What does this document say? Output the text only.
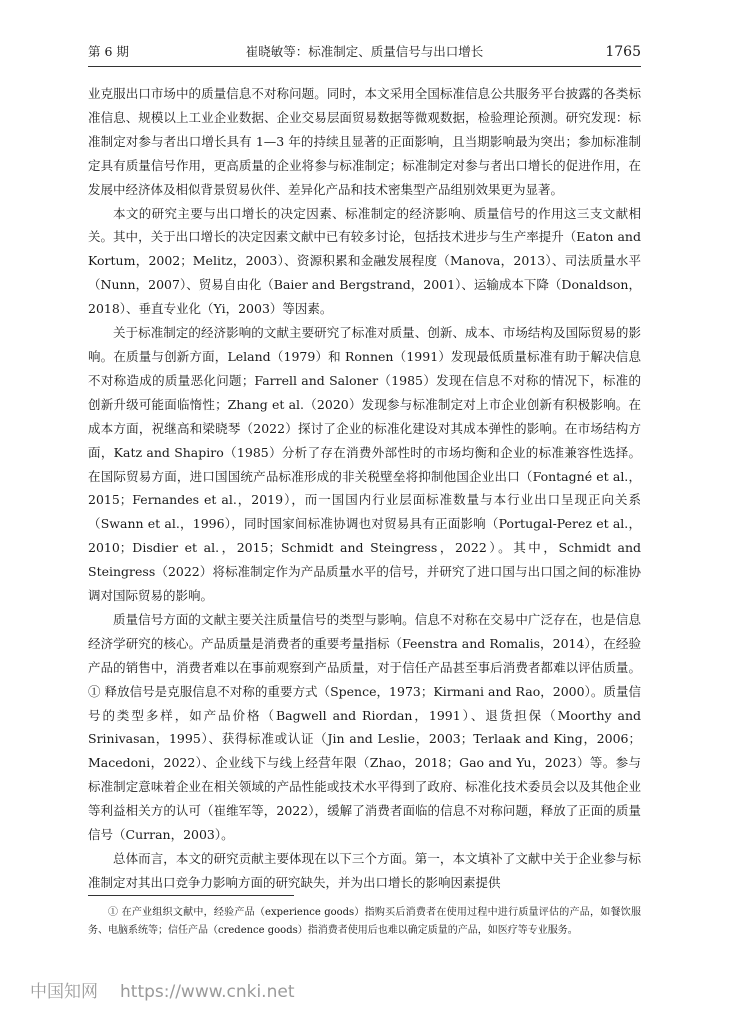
第 6 期	崔晓敏等：标准制定、质量信号与出口增长	1765

业克服出口市场中的质量信息不对称问题。同时，本文采用全国标准信息公共服务平台披露的各类标准信息、规模以上工业企业数据、企业交易层面贸易数据等微观数据，检验理论预测。研究发现：标准制定对参与者出口增长具有 1—3 年的持续且显著的正面影响，且当期影响最为突出；参加标准制定具有质量信号作用，更高质量的企业将参与标准制定；标准制定对参与者出口增长的促进作用，在发展中经济体及相似背景贸易伙伴、差异化产品和技术密集型产品组别效果更为显著。

本文的研究主要与出口增长的决定因素、标准制定的经济影响、质量信号的作用这三支文献相关。其中，关于出口增长的决定因素文献中已有较多讨论，包括技术进步与生产率提升（Eaton and Kortum，2002；Melitz，2003）、资源积累和金融发展程度（Manova，2013）、司法质量水平（Nunn，2007）、贸易自由化（Baier and Bergstrand，2001）、运输成本下降（Donaldson，2018）、垂直专业化（Yi，2003）等因素。

关于标准制定的经济影响的文献主要研究了标准对质量、创新、成本、市场结构及国际贸易的影响。在质量与创新方面，Leland（1979）和 Ronnen（1991）发现最低质量标准有助于解决信息不对称造成的质量恶化问题；Farrell and Saloner（1985）发现在信息不对称的情况下，标准的创新升级可能面临惰性；Zhang et al.（2020）发现参与标准制定对上市企业创新有积极影响。在成本方面，祝继高和梁晓琴（2022）探讨了企业的标准化建设对其成本弹性的影响。在市场结构方面，Katz and Shapiro（1985）分析了存在消费外部性时的市场均衡和企业的标准兼容性选择。在国际贸易方面，进口国国统产品标准形成的非关税壁垒将抑制他国企业出口（Fontagné et al.，2015；Fernandes et al.，2019），而一国国内行业层面标准数量与本行业出口呈现正向关系（Swann et al.，1996），同时国家间标准协调也对贸易具有正面影响（Portugal-Perez et al.，2010；Disdier et al.，2015；Schmidt and Steingress，2022）。其中，Schmidt and Steingress（2022）将标准制定作为产品质量水平的信号，并研究了进口国与出口国之间的标准协调对国际贸易的影响。

质量信号方面的文献主要关注质量信号的类型与影响。信息不对称在交易中广泛存在，也是信息经济学研究的核心。产品质量是消费者的重要考量指标（Feenstra and Romalis，2014），在经验产品的销售中，消费者难以在事前观察到产品质量，对于信任产品甚至事后消费者都难以评估质量。① 释放信号是克服信息不对称的重要方式（Spence，1973；Kirmani and Rao，2000）。质量信号的类型多样，如产品价格（Bagwell and Riordan，1991）、退货担保（Moorthy and Srinivasan，1995）、获得标准或认证（Jin and Leslie，2003；Terlaak and King，2006；Macedoni，2022）、企业线下与线上经营年限（Zhao，2018；Gao and Yu，2023）等。参与标准制定意味着企业在相关领域的产品性能或技术水平得到了政府、标准化技术委员会以及其他企业等利益相关方的认可（崔维军等，2022），缓解了消费者面临的信息不对称问题，释放了正面的质量信号（Curran，2003）。

总体而言，本文的研究贡献主要体现在以下三个方面。第一，本文填补了文献中关于企业参与标准制定对其出口竞争力影响方面的研究缺失，并为出口增长的影响因素提供

① 在产业组织文献中，经验产品（experience goods）指购买后消费者在使用过程中进行质量评估的产品，如餐饮服务、电脑系统等；信任产品（credence goods）指消费者使用后也难以确定质量的产品，如医疗等专业服务。

中国知网 https://www.cnki.net
